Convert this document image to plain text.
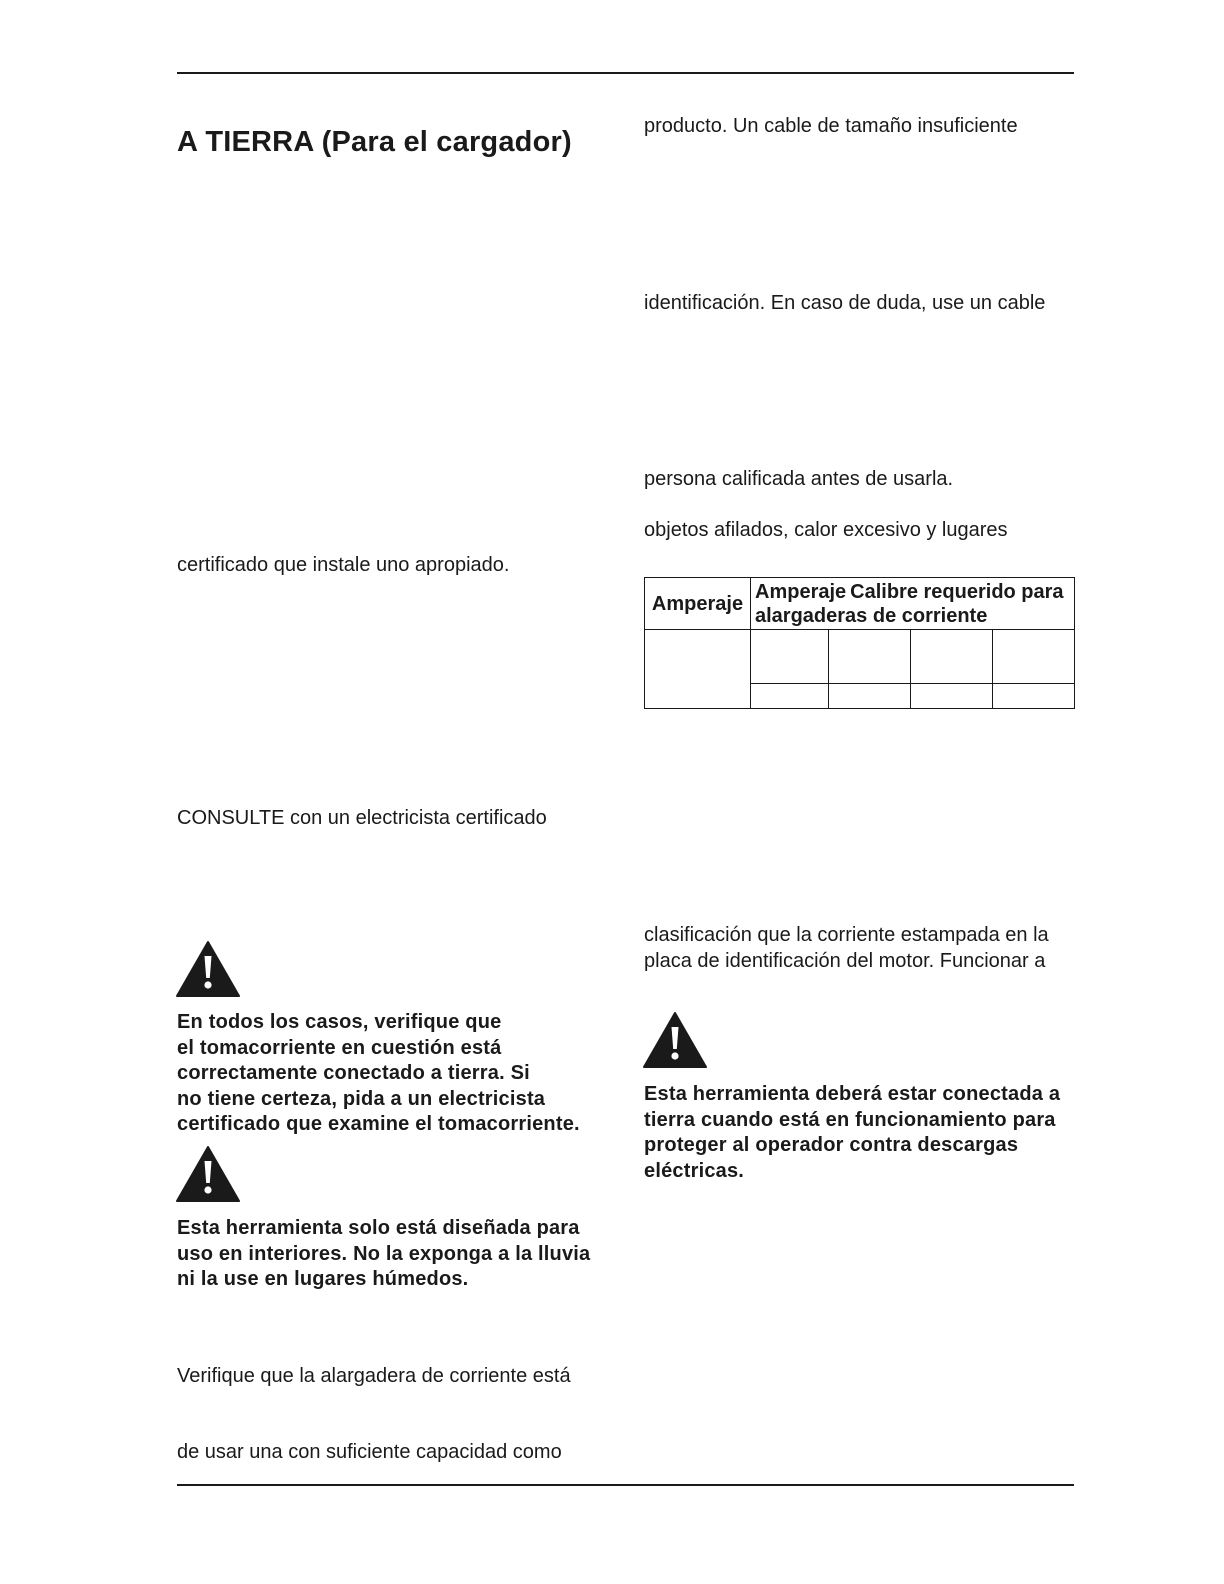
A TIERRA (Para el cargador)
certificado que instale uno apropiado.
CONSULTE con un electricista certificado
En todos los casos, verifique que
el tomacorriente en cuestión está
correctamente conectado a tierra. Si
no tiene certeza, pida a un electricista
certificado que examine el tomacorriente.
Esta herramienta solo está diseñada para
uso en interiores. No la exponga a la lluvia
ni la use en lugares húmedos.
Verifique que la alargadera de corriente está
de usar una con suficiente capacidad como
producto. Un cable de tamaño insuficiente
identificación. En caso de duda, use un cable
persona calificada antes de usarla.
objetos afilados, calor excesivo y lugares
Amperaje	Amperaje Calibre requerido para
alargaderas de corriente			

clasificación que la corriente estampada en la
placa de identificación del motor. Funcionar a
Esta herramienta deberá estar conectada a
tierra cuando está en funcionamiento para
proteger al operador contra descargas
eléctricas.
